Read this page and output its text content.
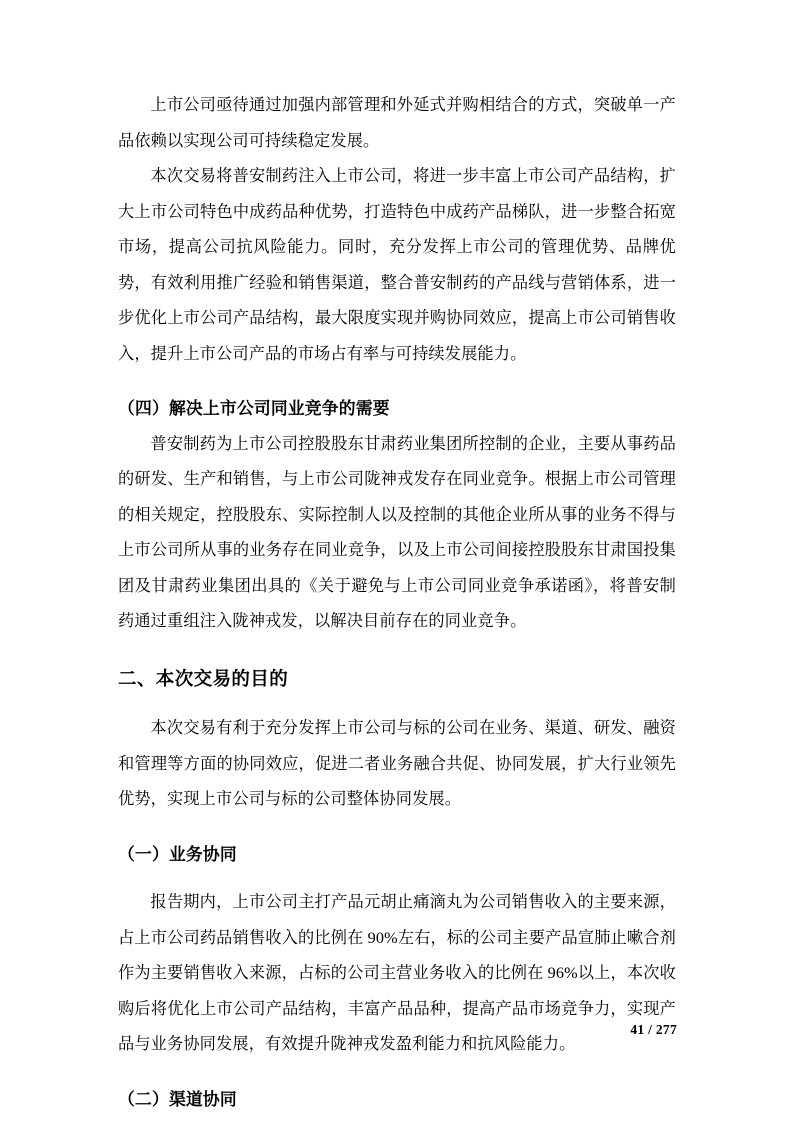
上市公司亟待通过加强内部管理和外延式并购相结合的方式，突破单一产品依赖以实现公司可持续稳定发展。

本次交易将普安制药注入上市公司，将进一步丰富上市公司产品结构，扩大上市公司特色中成药品种优势，打造特色中成药产品梯队，进一步整合拓宽市场，提高公司抗风险能力。同时，充分发挥上市公司的管理优势、品牌优势，有效利用推广经验和销售渠道，整合普安制药的产品线与营销体系，进一步优化上市公司产品结构，最大限度实现并购协同效应，提高上市公司销售收入，提升上市公司产品的市场占有率与可持续发展能力。

（四）解决上市公司同业竞争的需要

普安制药为上市公司控股股东甘肃药业集团所控制的企业，主要从事药品的研发、生产和销售，与上市公司陇神戎发存在同业竞争。根据上市公司管理的相关规定，控股股东、实际控制人以及控制的其他企业所从事的业务不得与上市公司所从事的业务存在同业竞争，以及上市公司间接控股股东甘肃国投集团及甘肃药业集团出具的《关于避免与上市公司同业竞争承诺函》，将普安制药通过重组注入陇神戎发，以解决目前存在的同业竞争。

二、本次交易的目的

本次交易有利于充分发挥上市公司与标的公司在业务、渠道、研发、融资和管理等方面的协同效应，促进二者业务融合共促、协同发展，扩大行业领先优势，实现上市公司与标的公司整体协同发展。

（一）业务协同

报告期内，上市公司主打产品元胡止痛滴丸为公司销售收入的主要来源，占上市公司药品销售收入的比例在 90%左右，标的公司主要产品宣肺止嗽合剂作为主要销售收入来源，占标的公司主营业务收入的比例在 96%以上，本次收购后将优化上市公司产品结构，丰富产品品种，提高产品市场竞争力，实现产品与业务协同发展，有效提升陇神戎发盈利能力和抗风险能力。

（二）渠道协同
41 / 277
